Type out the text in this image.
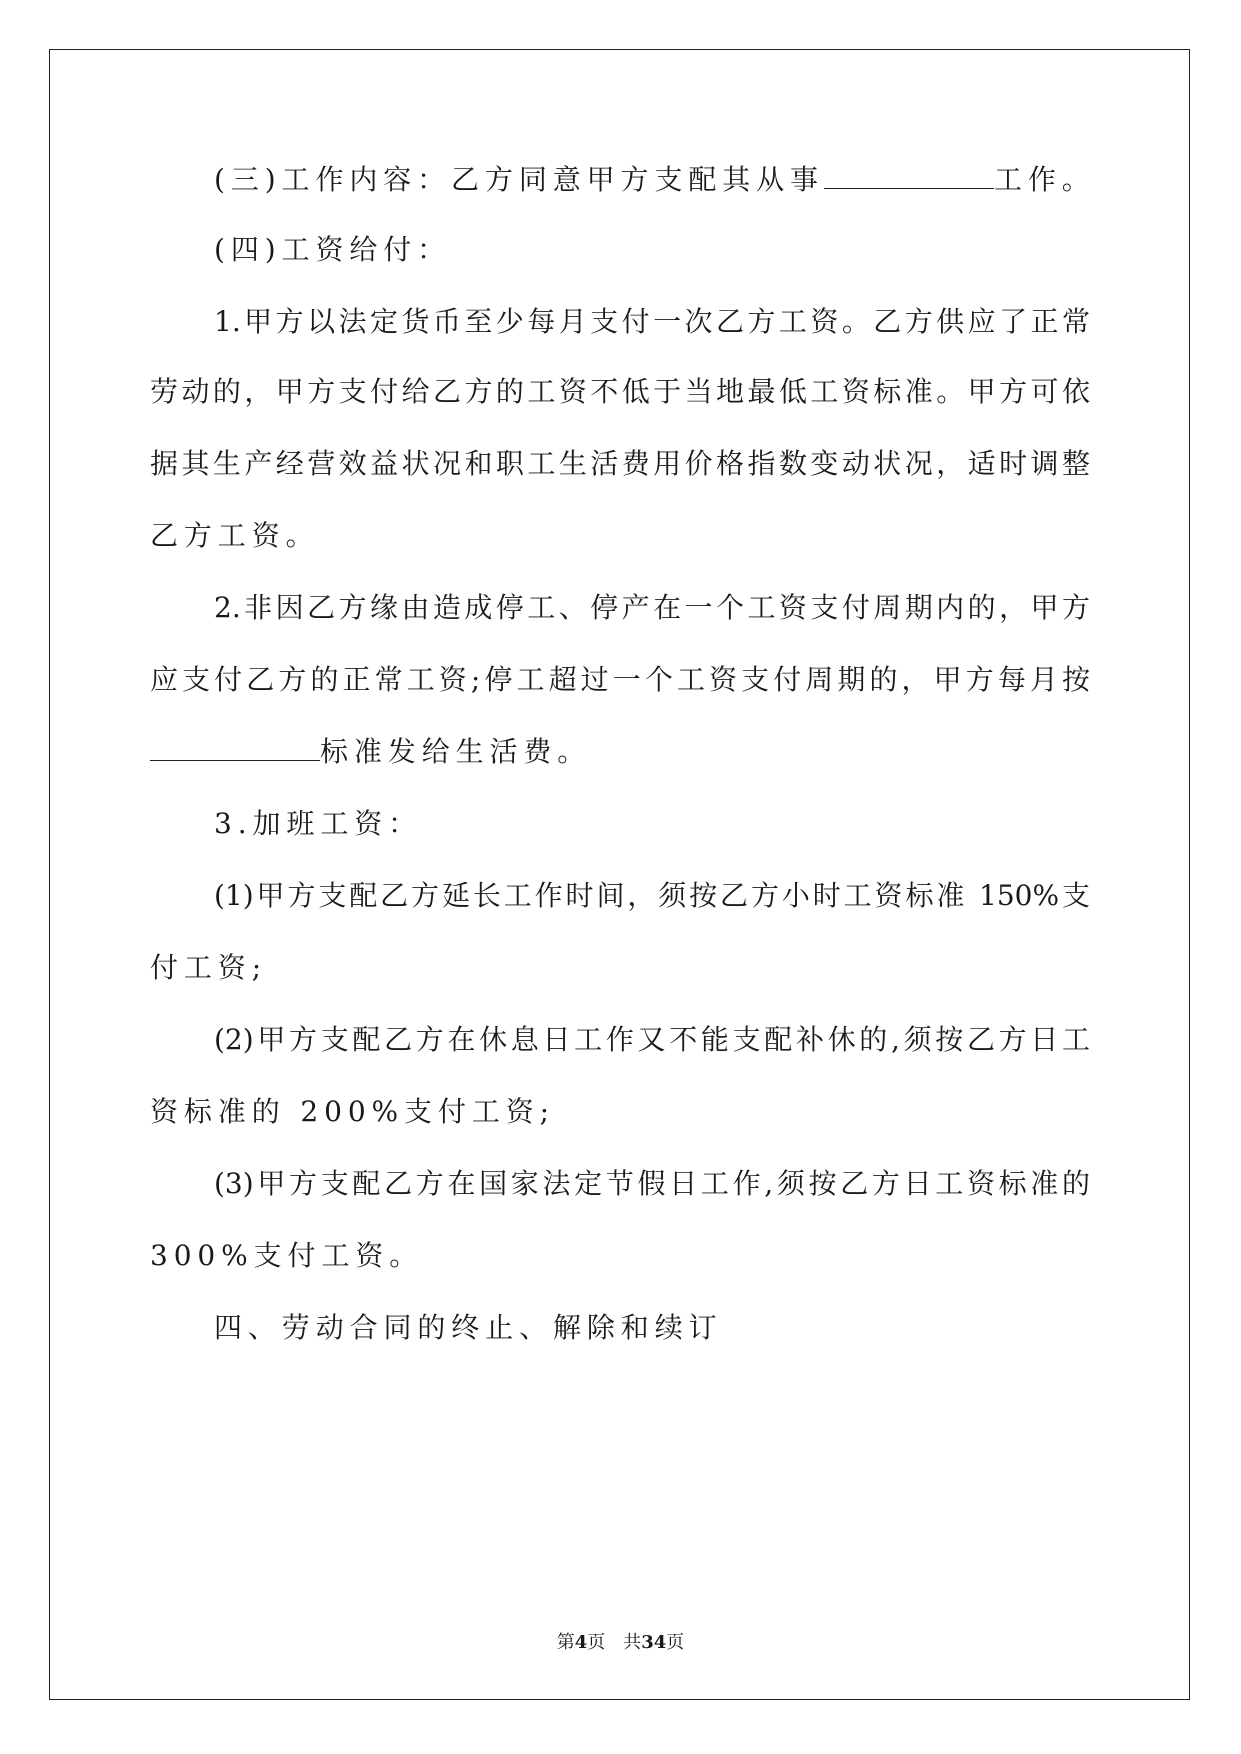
(三)工作内容：乙方同意甲方支配其从事	工作。
(四)工资给付：
1.甲方以法定货币至少每月支付一次乙方工资。乙方供应了正常
劳动的，甲方支付给乙方的工资不低于当地最低工资标准。甲方可依
据其生产经营效益状况和职工生活费用价格指数变动状况，适时调整
乙方工资。
2.非因乙方缘由造成停工、停产在一个工资支付周期内的，甲方
应支付乙方的正常工资;停工超过一个工资支付周期的，甲方每月按
标准发给生活费。
3.加班工资：
(1)甲方支配乙方延长工作时间，须按乙方小时工资标准 150%支
付工资;
(2)甲方支配乙方在休息日工作又不能支配补休的,须按乙方日工
资标准的 200%支付工资;
(3)甲方支配乙方在国家法定节假日工作,须按乙方日工资标准的
300%支付工资。
四、劳动合同的终止、解除和续订
第4页　共34页
